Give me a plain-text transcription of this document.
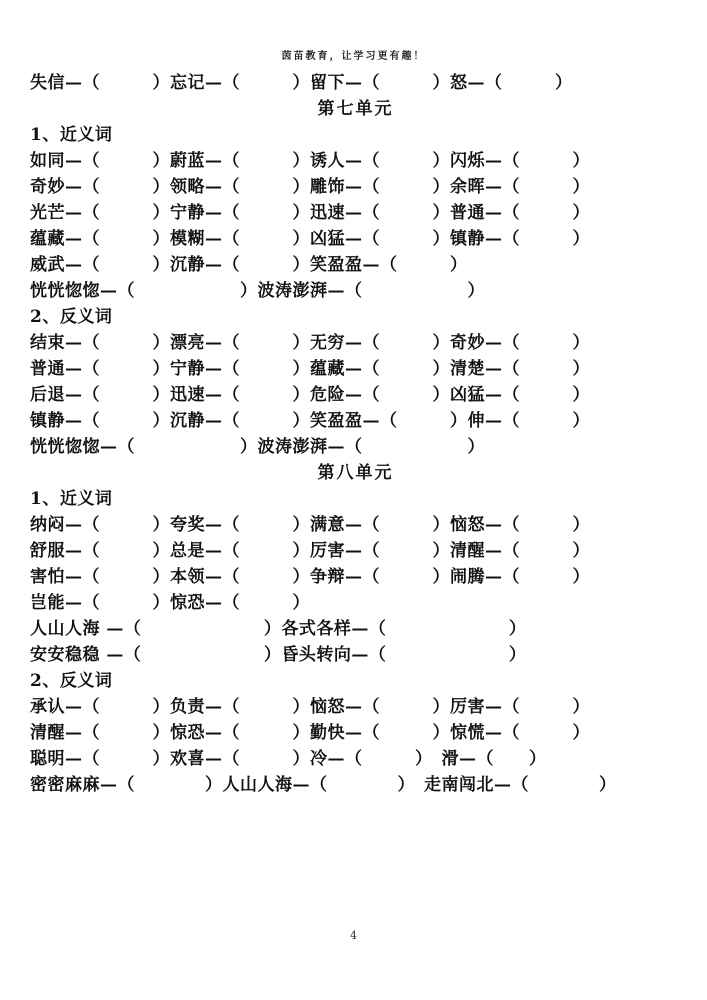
茵苗教育，让学习更有趣！
失信—（　　　）忘记—（　　　）留下—（　　　）怒—（　　　）
第七单元
1、近义词
如同—（　　　）蔚蓝—（　　　）诱人—（　　　）闪烁—（　　　）
奇妙—（　　　）领略—（　　　）雕饰—（　　　）余晖—（　　　）
光芒—（　　　）宁静—（　　　）迅速—（　　　）普通—（　　　）
蕴藏—（　　　）模糊—（　　　）凶猛—（　　　）镇静—（　　　）
威武—（　　　）沉静—（　　　）笑盈盈—（　　　）
恍恍惚惚—（　　　　　　）波涛澎湃—（　　　　　　）
2、反义词
结束—（　　　）漂亮—（　　　）无穷—（　　　）奇妙—（　　　）
普通—（　　　）宁静—（　　　）蕴藏—（　　　）清楚—（　　　）
后退—（　　　）迅速—（　　　）危险—（　　　）凶猛—（　　　）
镇静—（　　　）沉静—（　　　）笑盈盈—（　　　）伸—（　　　）
恍恍惚惚—（　　　　　　）波涛澎湃—（　　　　　　）
第八单元
1、近义词
纳闷—（　　　）夸奖—（　　　）满意—（　　　）恼怒—（　　　）
舒服—（　　　）总是—（　　　）厉害—（　　　）清醒—（　　　）
害怕—（　　　）本领—（　　　）争辩—（　　　）闹腾—（　　　）
岂能—（　　　）惊恐—（　　　）
人山人海 —（　　　　　　　）各式各样—（　　　　　　　）
安安稳稳 —（　　　　　　　）昏头转向—（　　　　　　　）
2、反义词
承认—（　　　）负责—（　　　）恼怒—（　　　）厉害—（　　　）
清醒—（　　　）惊恐—（　　　）勤快—（　　　）惊慌—（　　　）
聪明—（　　　）欢喜—（　　　）冷—（　　　）　滑—（　　）
密密麻麻—（　　　　）人山人海—（　　　　）　走南闯北—（　　　　）
4
